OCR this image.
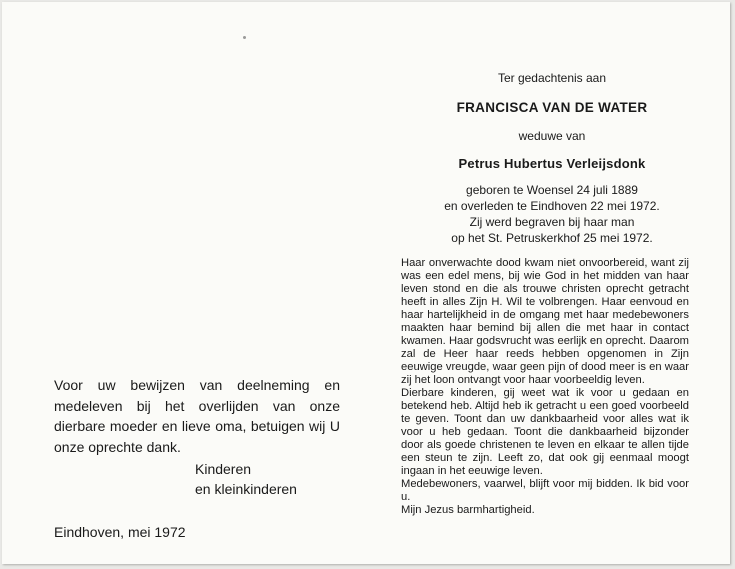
Ter gedachtenis aan
FRANCISCA VAN DE WATER
weduwe van
Petrus Hubertus Verleijsdonk
geboren te Woensel 24 juli 1889
en overleden te Eindhoven 22 mei 1972.
Zij werd begraven bij haar man
op het St. Petruskerkhof 25 mei 1972.

Haar onverwachte dood kwam niet onvoorbereid, want zij was een edel mens, bij wie God in het midden van haar leven stond en die als trouwe christen oprecht getracht heeft in alles Zijn H. Wil te volbrengen. Haar eenvoud en haar hartelijkheid in de omgang met haar medebewoners maakten haar bemind bij allen die met haar in contact kwamen. Haar godsvrucht was eerlijk en oprecht. Daarom zal de Heer haar reeds hebben opgenomen in Zijn eeuwige vreugde, waar geen pijn of dood meer is en waar zij het loon ontvangt voor haar voorbeeldig leven.

Dierbare kinderen, gij weet wat ik voor u gedaan en betekend heb. Altijd heb ik getracht u een goed voorbeeld te geven. Toont dan uw dankbaarheid voor alles wat ik voor u heb gedaan. Toont die dankbaarheid bijzonder door als goede christenen te leven en elkaar te allen tijde een steun te zijn. Leeft zo, dat ook gij eenmaal moogt ingaan in het eeuwige leven.

Medebewoners, vaarwel, blijft voor mij bidden. Ik bid voor u.

Mijn Jezus barmhartigheid.

Voor uw bewijzen van deelneming en medeleven bij het overlijden van onze dierbare moeder en lieve oma, betuigen wij U onze oprechte dank.

Kinderen
en kleinkinderen
Eindhoven, mei 1972
